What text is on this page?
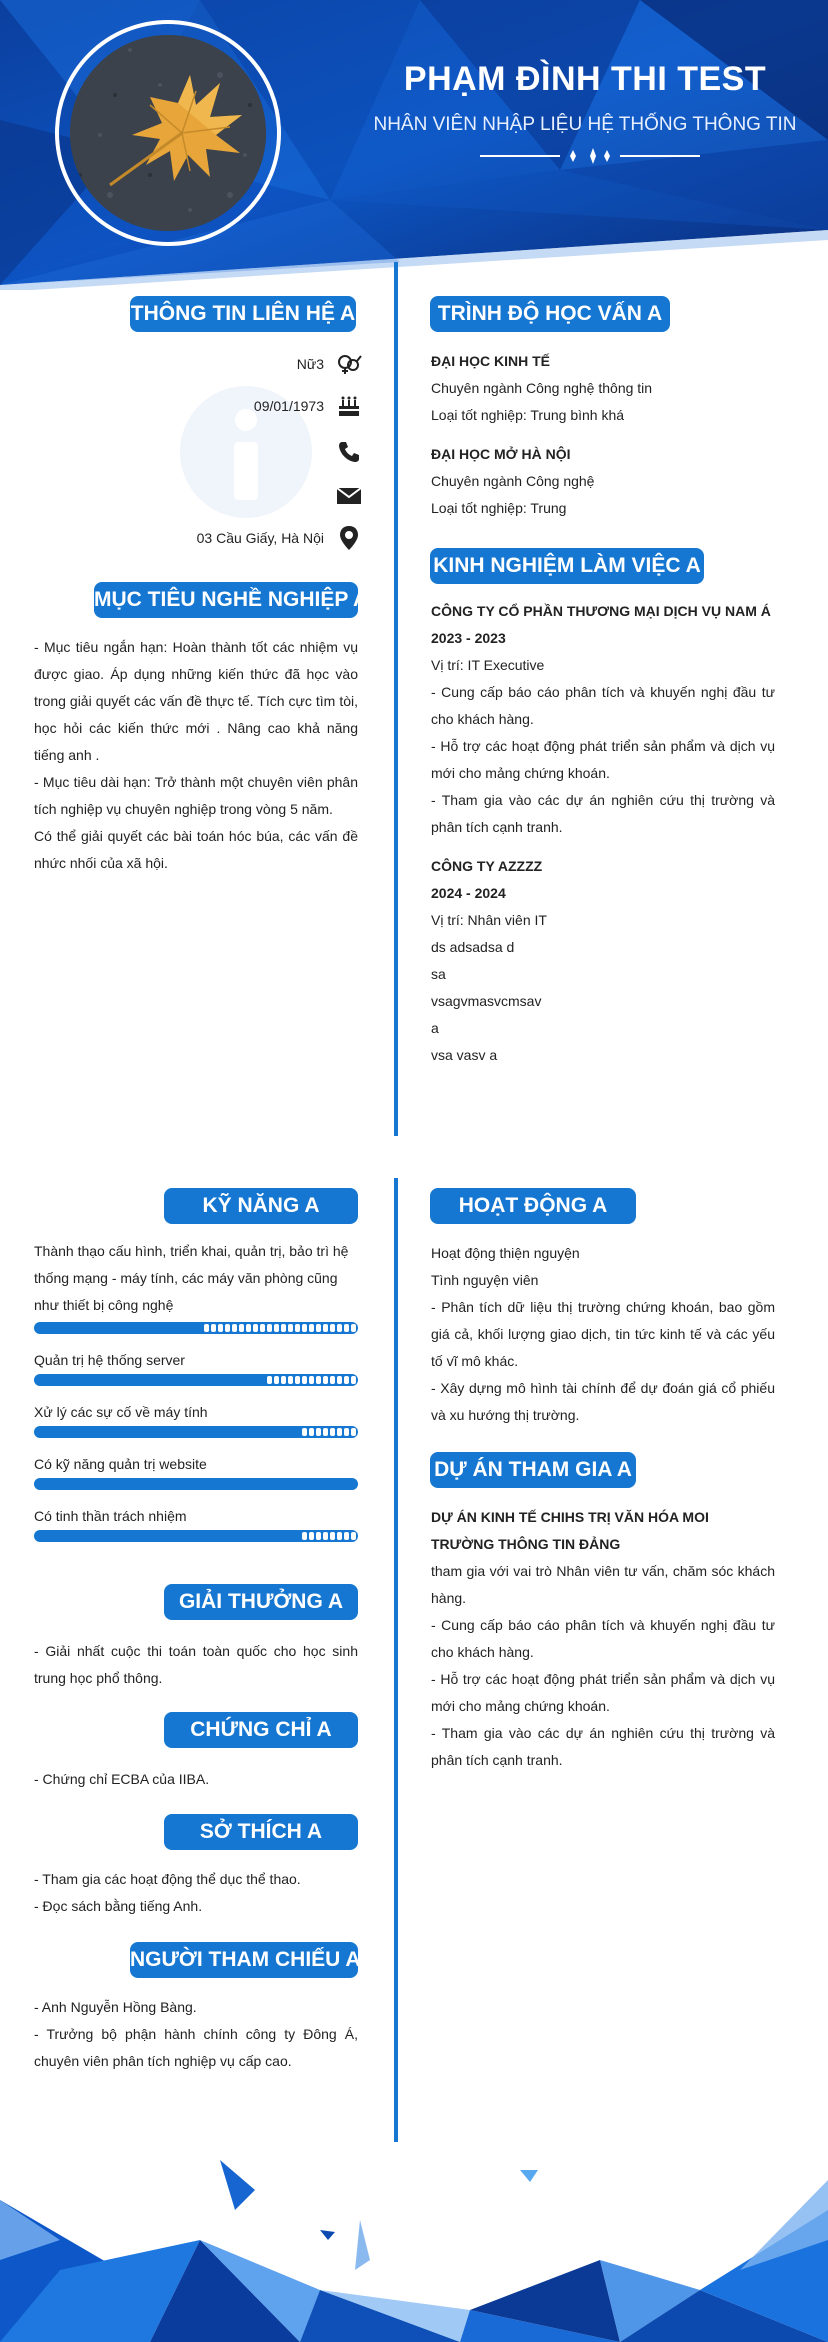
PHẠM ĐÌNH THI TEST
NHÂN VIÊN NHẬP LIỆU HỆ THỐNG THÔNG TIN
THÔNG TIN LIÊN HỆ A
Nữ3
09/01/1973
03 Cầu Giấy, Hà Nội
MỤC TIÊU NGHỀ NGHIỆP A

- Mục tiêu ngắn hạn: Hoàn thành tốt các nhiệm vụ được giao. Áp dụng những kiến thức đã học vào trong giải quyết các vấn đề thực tế. Tích cực tìm tòi, học hỏi các kiến thức mới . Nâng cao khả năng tiếng anh .

- Mục tiêu dài hạn: Trở thành một chuyên viên phân tích nghiệp vụ chuyên nghiệp trong vòng 5 năm.

Có thể giải quyết các bài toán hóc búa, các vấn đề nhức nhối của xã hội.

TRÌNH ĐỘ HỌC VẤN A

ĐẠI HỌC KINH TẾ

Chuyên ngành Công nghệ thông tin

Loại tốt nghiệp: Trung bình khá

ĐẠI HỌC MỞ HÀ NỘI

Chuyên ngành Công nghệ

Loại tốt nghiệp: Trung

KINH NGHIỆM LÀM VIỆC A

CÔNG TY CỔ PHẦN THƯƠNG MẠI DỊCH VỤ NAM Á

2023 - 2023

Vị trí: IT Executive

- Cung cấp báo cáo phân tích và khuyến nghị đầu tư cho khách hàng.

- Hỗ trợ các hoạt động phát triển sản phẩm và dịch vụ mới cho mảng chứng khoán.

- Tham gia vào các dự án nghiên cứu thị trường và phân tích cạnh tranh.

CÔNG TY AZZZZ

2024 - 2024

Vị trí: Nhân viên IT

ds adsadsa d

sa

vsagvmasvcmsav

a

vsa vasv a

KỸ NĂNG A
Thành thạo cấu hình, triển khai, quản trị, bảo trì hệ thống mạng - máy tính, các máy văn phòng cũng như thiết bị công nghệ
Quản trị hệ thống server
Xử lý các sự cố về máy tính
Có kỹ năng quản trị website
Có tinh thần trách nhiệm
GIẢI THƯỞNG A

- Giải nhất cuộc thi toán toàn quốc cho học sinh trung học phổ thông.

CHỨNG CHỈ A

- Chứng chỉ ECBA của IIBA.

SỞ THÍCH A

- Tham gia các hoạt động thể dục thể thao.

- Đọc sách bằng tiếng Anh.

NGƯỜI THAM CHIẾU A

- Anh Nguyễn Hồng Bàng.

- Trưởng bộ phận hành chính công ty Đông Á, chuyên viên phân tích nghiệp vụ cấp cao.

HOẠT ĐỘNG A

Hoạt động thiện nguyện

Tình nguyện viên

- Phân tích dữ liệu thị trường chứng khoán, bao gồm giá cả, khối lượng giao dịch, tin tức kinh tế và các yếu tố vĩ mô khác.

- Xây dựng mô hình tài chính để dự đoán giá cổ phiếu và xu hướng thị trường.

DỰ ÁN THAM GIA A

DỰ ÁN KINH TẾ CHIHS TRỊ VĂN HÓA MOI TRƯỜNG THÔNG TIN ĐẢNG

tham gia với vai trò Nhân viên tư vấn, chăm sóc khách hàng.

- Cung cấp báo cáo phân tích và khuyến nghị đầu tư cho khách hàng.

- Hỗ trợ các hoạt động phát triển sản phẩm và dịch vụ mới cho mảng chứng khoán.

- Tham gia vào các dự án nghiên cứu thị trường và phân tích cạnh tranh.
